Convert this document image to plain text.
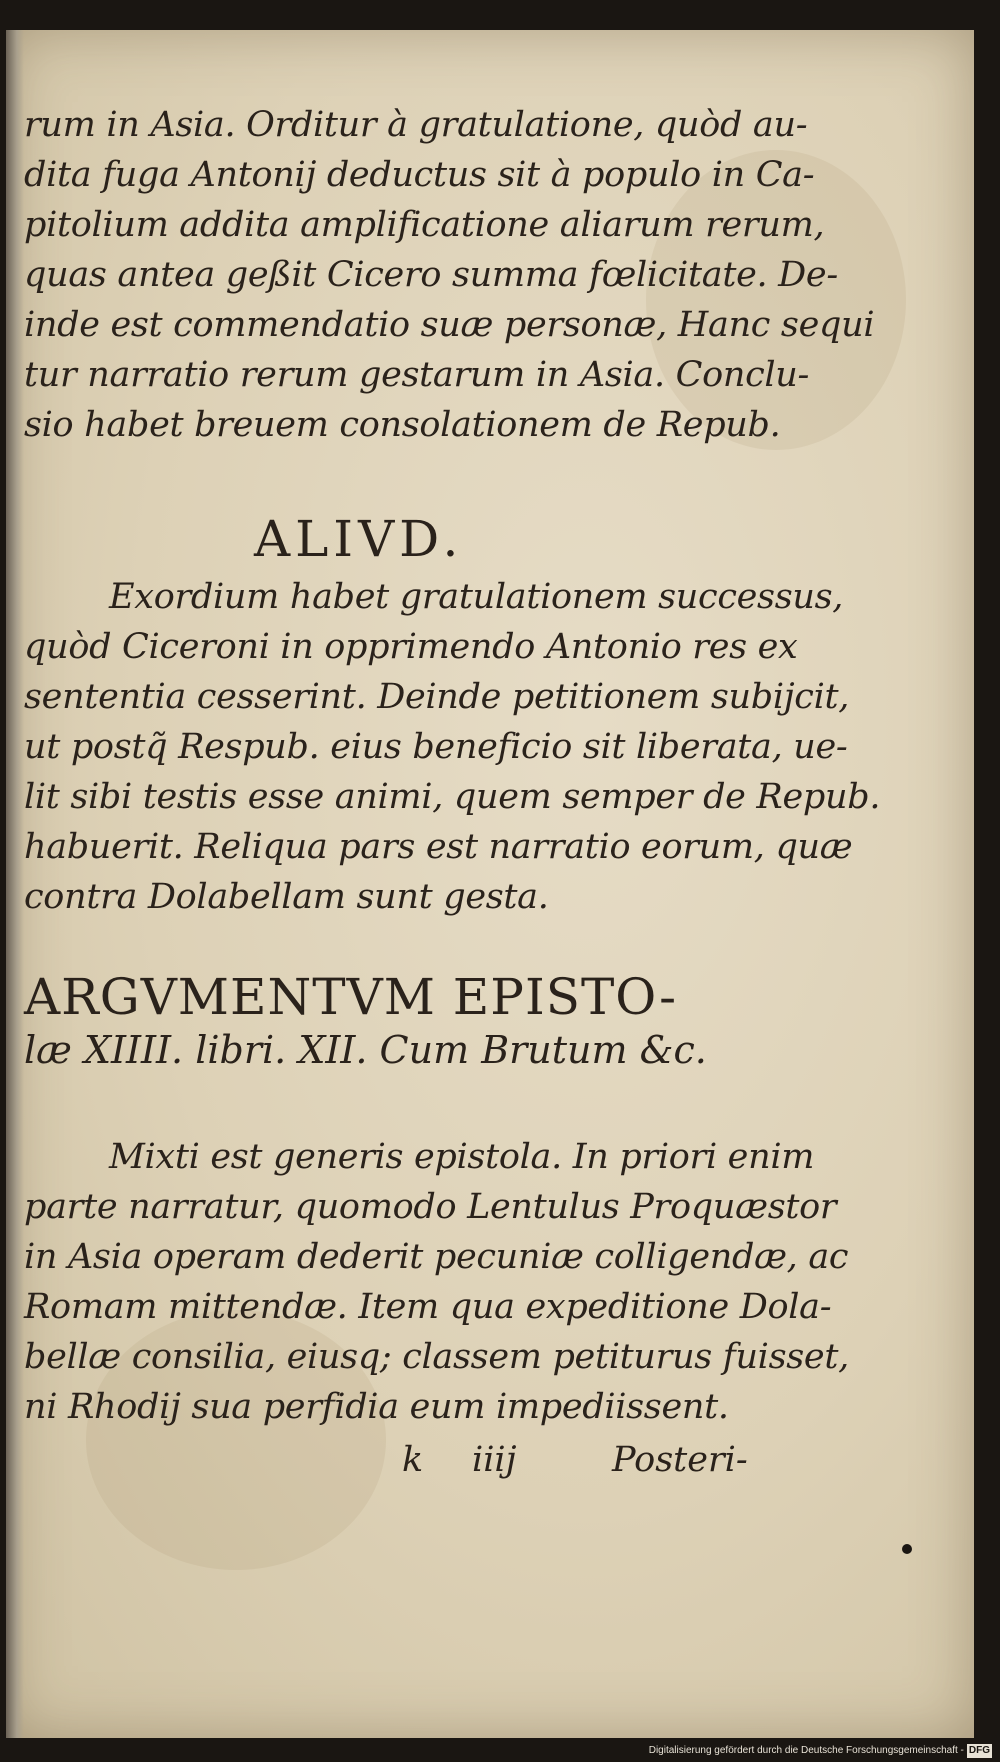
rum in Asia. Orditur à gratulatione, quòd au-
dita fuga Antonij deductus sit à populo in Ca-
pitolium addita amplificatione aliarum rerum,
quas antea geßit Cicero summa fœlicitate. De-
inde est commendatio suæ personæ, Hanc sequi
tur narratio rerum gestarum in Asia. Conclu-
sio habet breuem consolationem de Repub.
ALIVD.
Exordium habet gratulationem successus,
quòd Ciceroni in opprimendo Antonio res ex
sententia cesserint. Deinde petitionem subijcit,
ut postq̃ Respub. eius beneficio sit liberata, ue-
lit sibi testis esse animi, quem semper de Repub.
habuerit. Reliqua pars est narratio eorum, quæ
contra Dolabellam sunt gesta.
ARGVMENTVM EPISTO-
læ XIIII. libri. XII. Cum Brutum &c.
Mixti est generis epistola. In priori enim
parte narratur, quomodo Lentulus Proquæstor
in Asia operam dederit pecuniæ colligendæ, ac
Romam mittendæ. Item qua expeditione Dola-
bellæ consilia, eiusq; classem petiturus fuisset,
ni Rhodij sua perfidia eum impediissent.
k iiij	Posteri-
Digitalisierung gefördert durch die Deutsche Forschungsgemeinschaft - DFG
